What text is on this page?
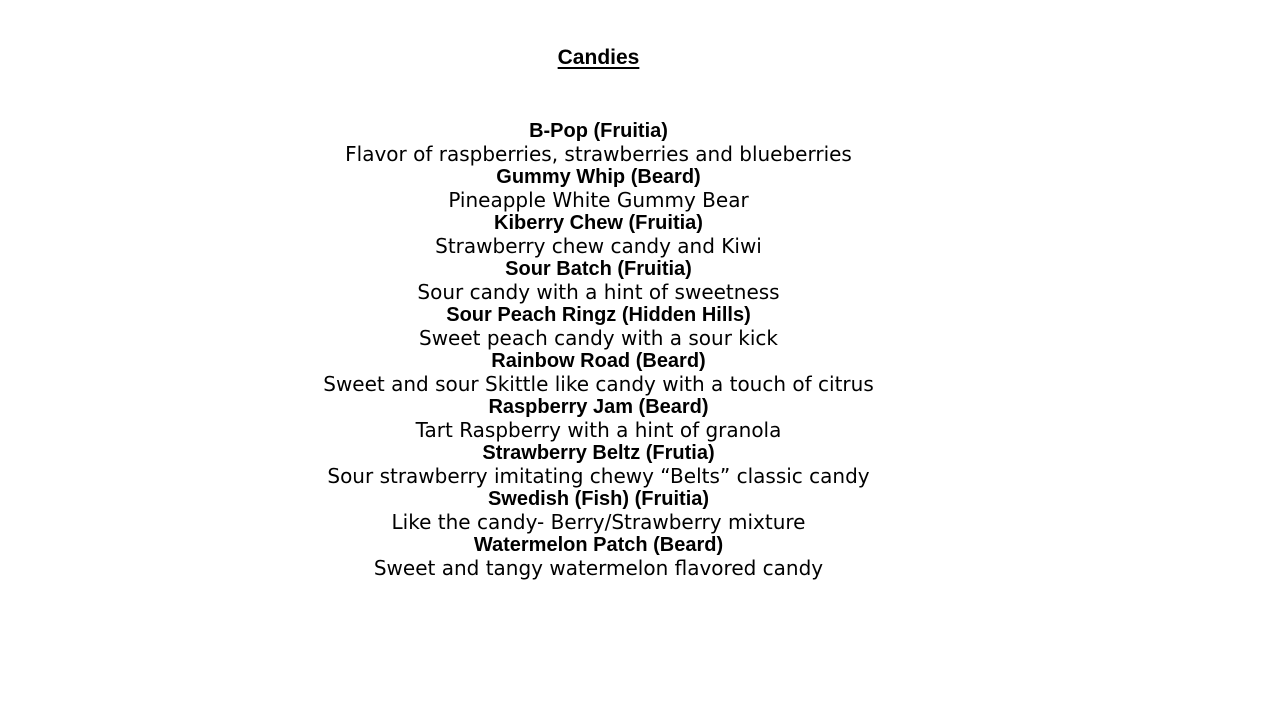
Candies
B-Pop (Fruitia)
Flavor of raspberries, strawberries and blueberries
Gummy Whip (Beard)
Pineapple White Gummy Bear
Kiberry Chew (Fruitia)
Strawberry chew candy and Kiwi
Sour Batch (Fruitia)
Sour candy with a hint of sweetness
Sour Peach Ringz (Hidden Hills)
Sweet peach candy with a sour kick
Rainbow Road (Beard)
Sweet and sour Skittle like candy with a touch of citrus
Raspberry Jam (Beard)
Tart Raspberry with a hint of granola
Strawberry Beltz (Frutia)
Sour strawberry imitating chewy “Belts” classic candy
Swedish (Fish) (Fruitia)
Like the candy- Berry/Strawberry mixture
Watermelon Patch (Beard)
Sweet and tangy watermelon flavored candy
